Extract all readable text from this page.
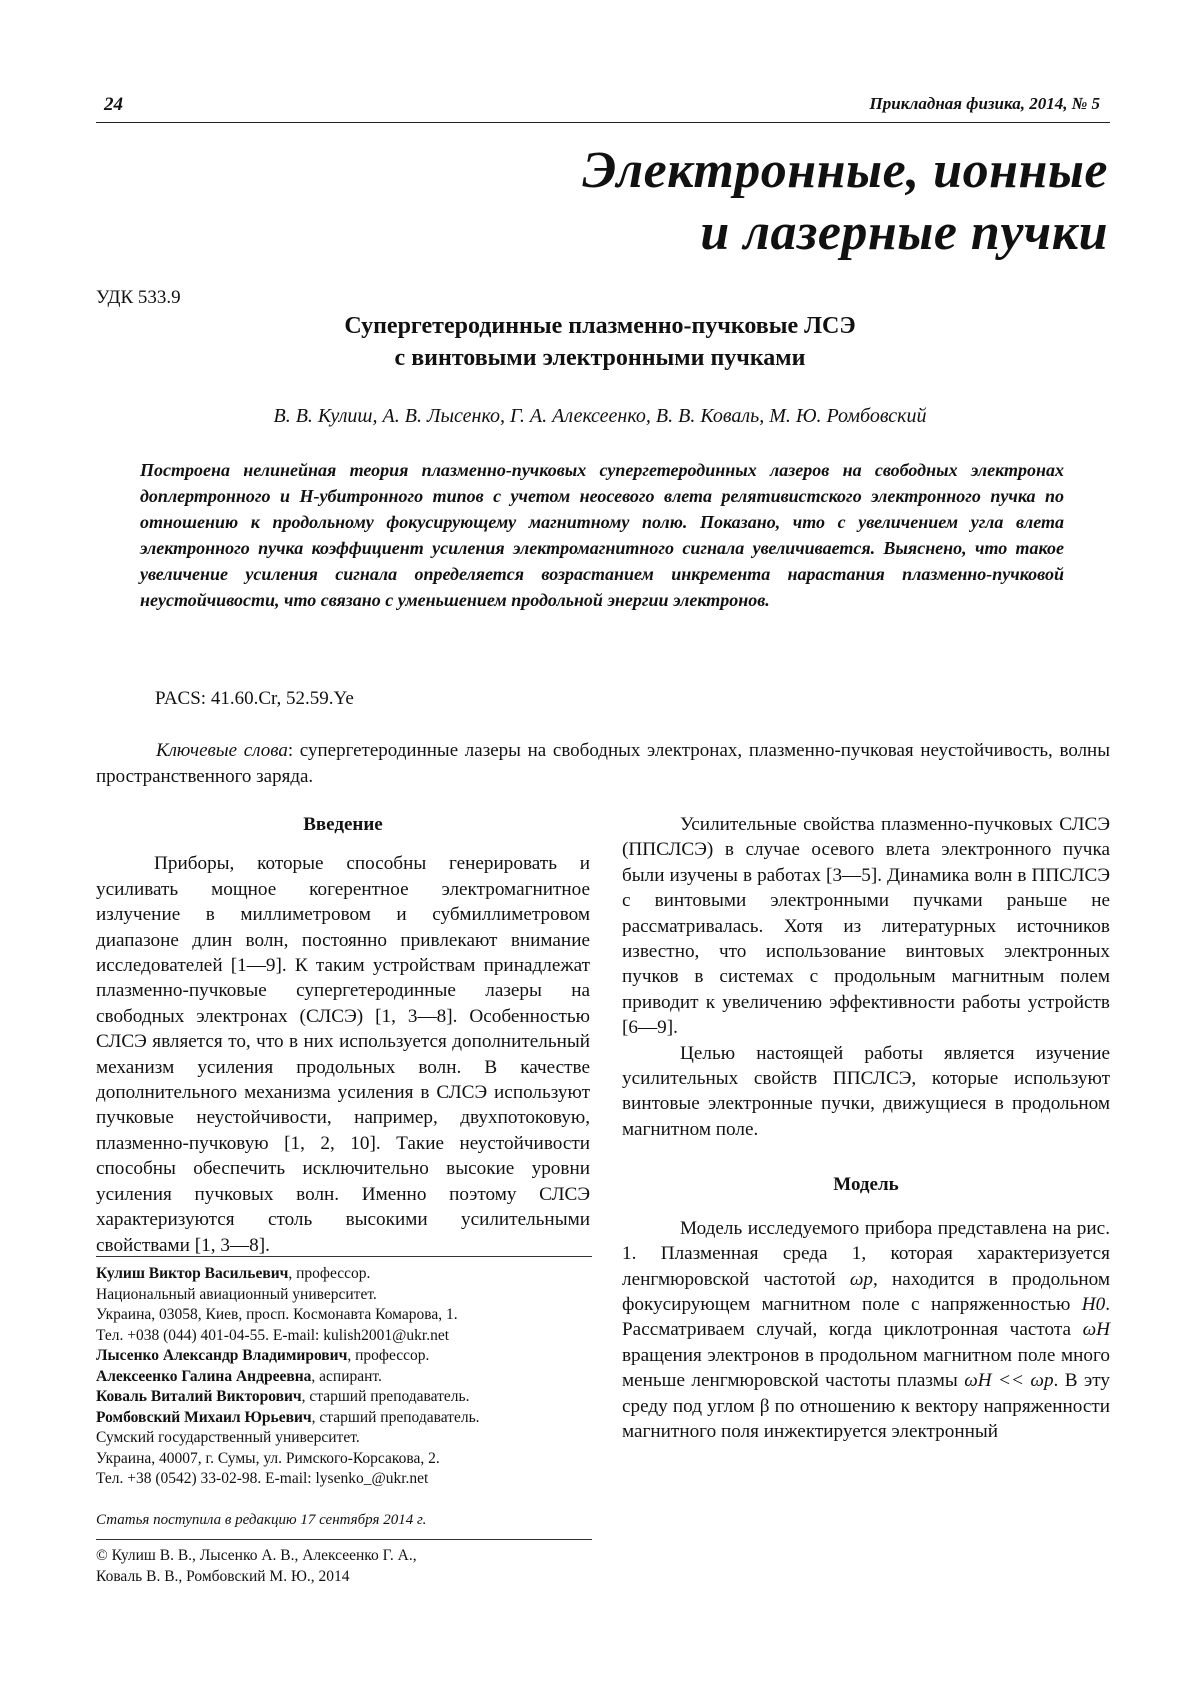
24	Прикладная физика, 2014, № 5
Электронные, ионные
и лазерные пучки
УДК 533.9
Супергетеродинные плазменно-пучковые ЛСЭ
с винтовыми электронными пучками
В. В. Кулиш, А. В. Лысенко, Г. А. Алексеенко, В. В. Коваль, М. Ю. Ромбовский
Построена нелинейная теория плазменно-пучковых супергетеродинных лазеров на свободных электронах доплертронного и H-убитронного типов с учетом неосевого влета релятивистского электронного пучка по отношению к продольному фокусирующему магнитному полю. Показано, что с увеличением угла влета электронного пучка коэффициент усиления электромагнитного сигнала увеличивается. Выяснено, что такое увеличение усиления сигнала определяется возрастанием инкремента нарастания плазменно-пучковой неустойчивости, что связано с уменьшением продольной энергии электронов.
PACS: 41.60.Cr, 52.59.Ye
Ключевые слова: супергетеродинные лазеры на свободных электронах, плазменно-пучковая неустойчивость, волны пространственного заряда.
Введение

Приборы, которые способны генерировать и усиливать мощное когерентное электромагнитное излучение в миллиметровом и субмиллиметровом диапазоне длин волн, постоянно привлекают внимание исследователей [1—9]. К таким устройствам принадлежат плазменно-пучковые супергетеродинные лазеры на свободных электронах (СЛСЭ) [1, 3—8]. Особенностью СЛСЭ является то, что в них используется дополнительный механизм усиления продольных волн. В качестве дополнительного механизма усиления в СЛСЭ используют пучковые неустойчивости, например, двухпотоковую, плазменно-пучковую [1, 2, 10]. Такие неустойчивости способны обеспечить исключительно высокие уровни усиления пучковых волн. Именно поэтому СЛСЭ характеризуются столь высокими усилительными свойствами [1, 3—8].

Усилительные свойства плазменно-пучковых СЛСЭ (ППСЛСЭ) в случае осевого влета электронного пучка были изучены в работах [3—5]. Динамика волн в ППСЛСЭ с винтовыми электронными пучками раньше не рассматривалась. Хотя из литературных источников известно, что использование винтовых электронных пучков в системах с продольным магнитным полем приводит к увеличению эффективности работы устройств [6—9].

Целью настоящей работы является изучение усилительных свойств ППСЛСЭ, которые используют винтовые электронные пучки, движущиеся в продольном магнитном поле.

Модель

Модель исследуемого прибора представлена на рис. 1. Плазменная среда 1, которая характеризуется ленгмюровской частотой ωp, находится в продольном фокусирующем магнитном поле с напряженностью H0. Рассматриваем случай, когда циклотронная частота ωH вращения электронов в продольном магнитном поле много меньше ленгмюровской частоты плазмы ωH << ωp. В эту среду под углом β по отношению к вектору напряженности магнитного поля инжектируется электронный

Кулиш Виктор Васильевич, профессор.
Национальный авиационный университет.
Украина, 03058, Киев, просп. Космонавта Комарова, 1.
Тел. +038 (044) 401-04-55. E-mail: kulish2001@ukr.net
Лысенко Александр Владимирович, профессор.
Алексеенко Галина Андреевна, аспирант.
Коваль Виталий Викторович, старший преподаватель.
Ромбовский Михаил Юрьевич, старший преподаватель.
Сумский государственный университет.
Украина, 40007, г. Сумы, ул. Римского-Корсакова, 2.
Тел. +38 (0542) 33-02-98. E-mail: lysenko_@ukr.net
Статья поступила в редакцию 17 сентября 2014 г.
© Кулиш В. В., Лысенко А. В., Алексеенко Г. А.,
Коваль В. В., Ромбовский М. Ю., 2014
